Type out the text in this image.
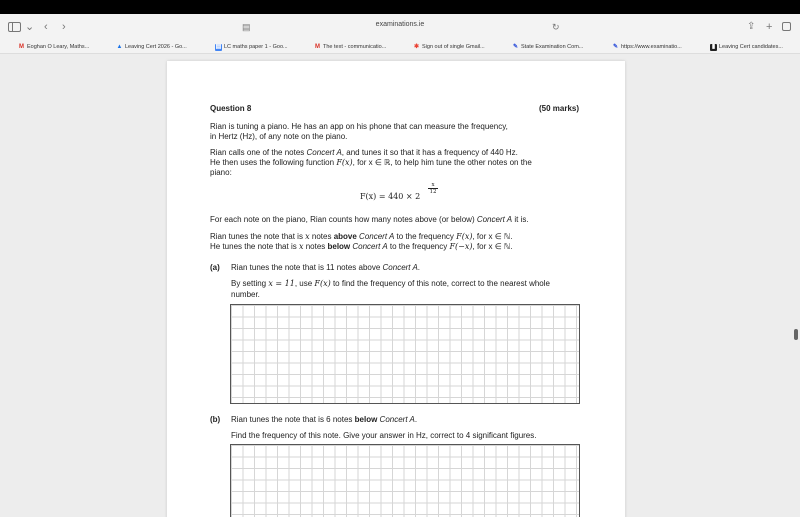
⌄ ‹ ›	▤	examinations.ie	↻	⇪ +
M Eoghan O Leary, Maths...	▲ Leaving Cert 2026 - Go...	▤ LC maths paper 1 - Goo...	M The text - communicatio...	✱ Sign out of single Gmail...	✎ State Examination Com...	✎ https://www.examinatio...	▮ Leaving Cert candidates...
Question 8	(50 marks)
Rian is tuning a piano. He has an app on his phone that can measure the frequency,
in Hertz (Hz), of any note on the piano.
Rian calls one of the notes Concert A, and tunes it so that it has a frequency of 440 Hz.
He then uses the following function F(x), for x ∈ ℝ, to help him tune the other notes on the
piano:
F(x) = 440 × 2
x
12
For each note on the piano, Rian counts how many notes above (or below) Concert A it is.
Rian tunes the note that is x notes above Concert A to the frequency F(x), for x ∈ ℕ.
He tunes the note that is x notes below Concert A to the frequency F(−x), for x ∈ ℕ.
(a) Rian tunes the note that is 11 notes above Concert A.
By setting x = 11, use F(x) to find the frequency of this note, correct to the nearest whole
number.
(b) Rian tunes the note that is 6 notes below Concert A.
Find the frequency of this note. Give your answer in Hz, correct to 4 significant figures.
